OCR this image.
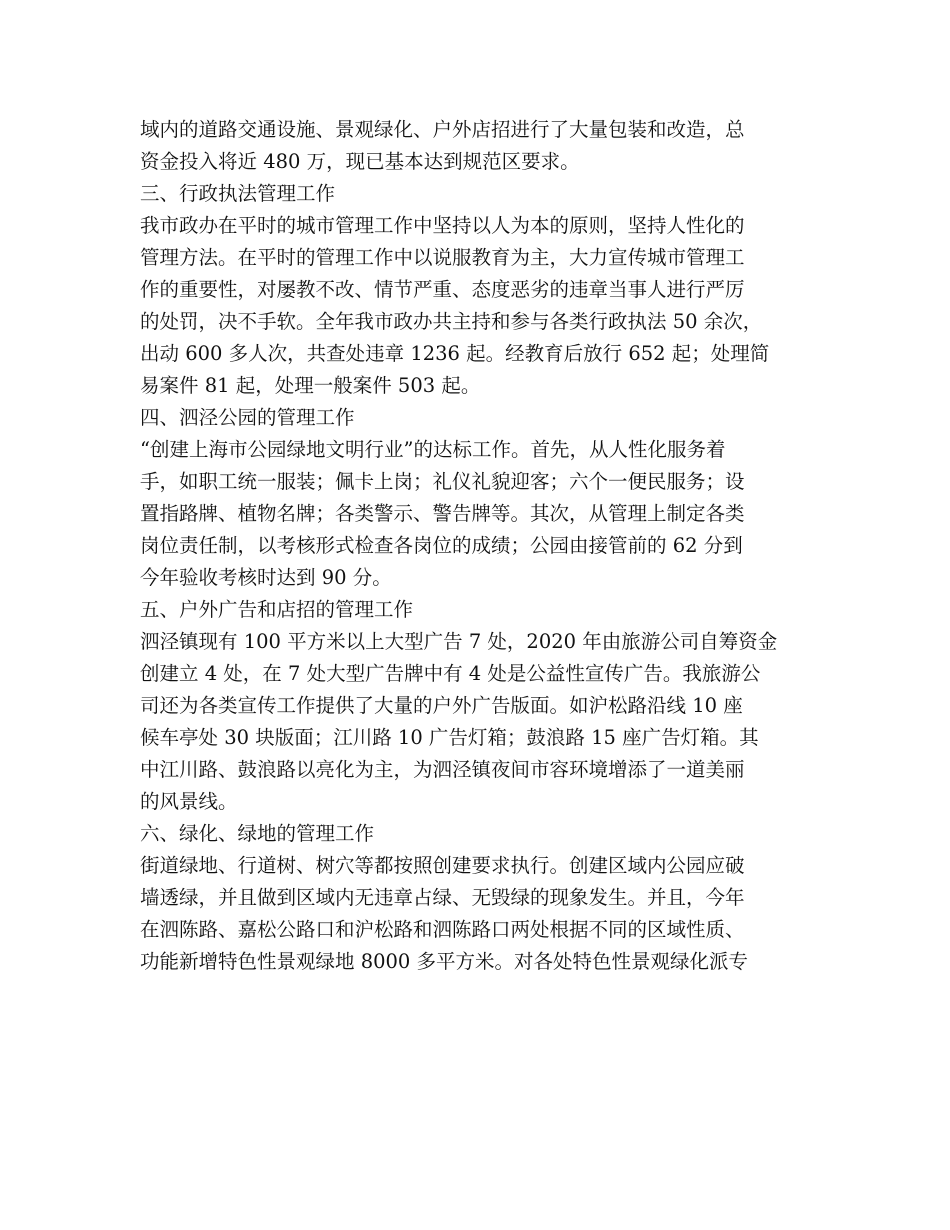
域内的道路交通设施、景观绿化、户外店招进行了大量包装和改造，总
资金投入将近 480 万，现已基本达到规范区要求。
三、行政执法管理工作
我市政办在平时的城市管理工作中坚持以人为本的原则，坚持人性化的
管理方法。在平时的管理工作中以说服教育为主，大力宣传城市管理工
作的重要性，对屡教不改、情节严重、态度恶劣的违章当事人进行严厉
的处罚，决不手软。全年我市政办共主持和参与各类行政执法 50 余次，
出动 600 多人次，共查处违章 1236 起。经教育后放行 652 起；处理简
易案件 81 起，处理一般案件 503 起。
四、泗泾公园的管理工作
“创建上海市公园绿地文明行业”的达标工作。首先，从人性化服务着
手，如职工统一服装；佩卡上岗；礼仪礼貌迎客；六个一便民服务；设
置指路牌、植物名牌；各类警示、警告牌等。其次，从管理上制定各类
岗位责任制，以考核形式检查各岗位的成绩；公园由接管前的 62 分到
今年验收考核时达到 90 分。
五、户外广告和店招的管理工作
泗泾镇现有 100 平方米以上大型广告 7 处，2020 年由旅游公司自筹资金
创建立 4 处，在 7 处大型广告牌中有 4 处是公益性宣传广告。我旅游公
司还为各类宣传工作提供了大量的户外广告版面。如沪松路沿线 10 座
候车亭处 30 块版面；江川路 10 广告灯箱；鼓浪路 15 座广告灯箱。其
中江川路、鼓浪路以亮化为主，为泗泾镇夜间市容环境增添了一道美丽
的风景线。
六、绿化、绿地的管理工作
街道绿地、行道树、树穴等都按照创建要求执行。创建区域内公园应破
墙透绿，并且做到区域内无违章占绿、无毁绿的现象发生。并且，今年
在泗陈路、嘉松公路口和沪松路和泗陈路口两处根据不同的区域性质、
功能新增特色性景观绿地 8000 多平方米。对各处特色性景观绿化派专
